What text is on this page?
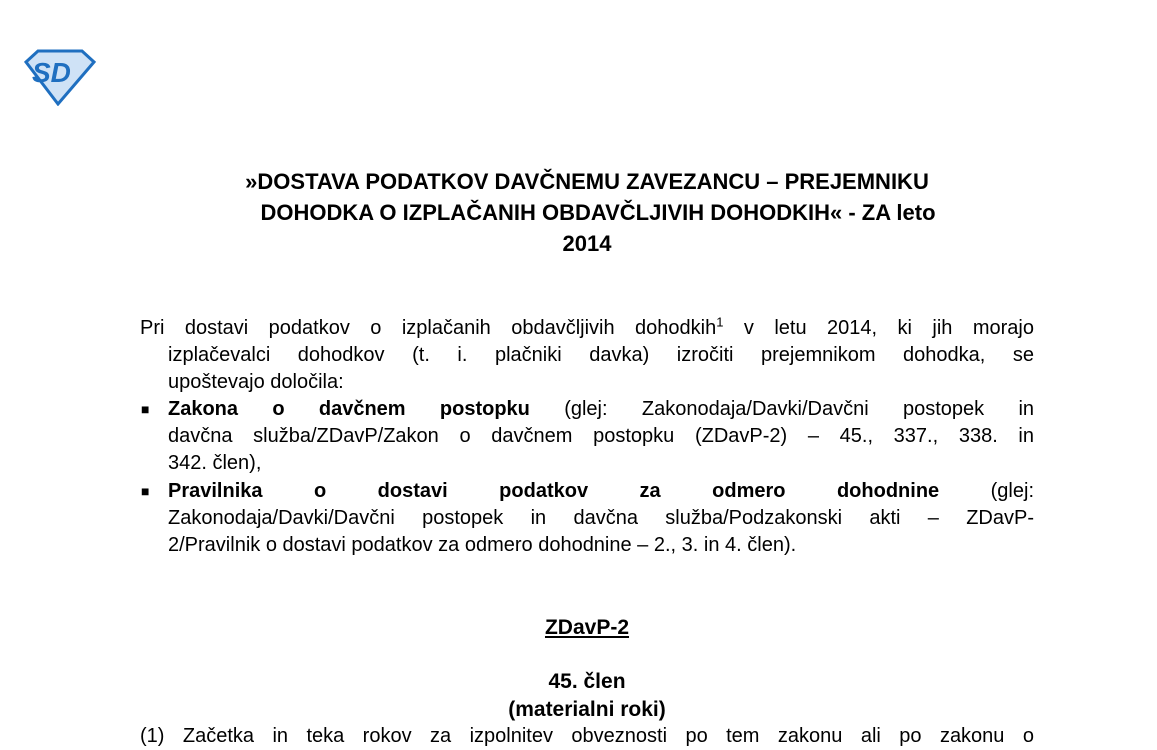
SD
»DOSTAVA PODATKOV DAVČNEMU ZAVEZANCU – PREJEMNIKU
DOHODKA O IZPLAČANIH OBDAVČLJIVIH DOHODKIH« - ZA leto
2014
Pri dostavi podatkov o izplačanih obdavčljivih dohodkih$^1$ v letu 2014, ki jih morajo
izplačevalci dohodkov (t. i. plačniki davka) izročiti prejemnikom dohodka, se
upoštevajo določila:
■ Zakona o davčnem postopku (glej: Zakonodaja/Davki/Davčni postopek in
davčna služba/ZDavP/Zakon o davčnem postopku (ZDavP-2) – 45., 337., 338. in
342. člen),
■ Pravilnika o dostavi podatkov za odmero dohodnine (glej:
Zakonodaja/Davki/Davčni postopek in davčna služba/Podzakonski akti – ZDavP-
2/Pravilnik o dostavi podatkov za odmero dohodnine – 2., 3. in 4. člen).
ZDavP-2
45. člen
(materialni roki)
(1) Začetka in teka rokov za izpolnitev obveznosti po tem zakonu ali po zakonu o
